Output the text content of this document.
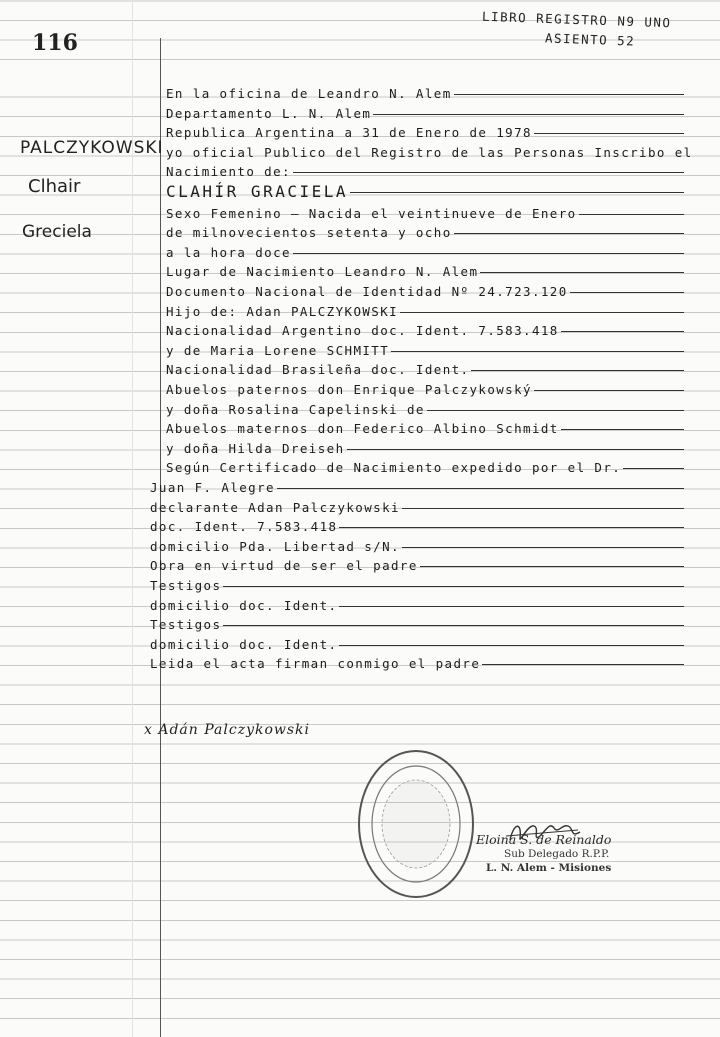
116
LIBRO REGISTRO N9 UNO
ASIENTO 52
PALCZYKOWSKI
Clhair
Greciela
En la oficina de Leandro N. Alem
Departamento L. N. Alem
Republica Argentina a 31 de Enero de 1978
yo oficial Publico del Registro de las Personas Inscribo el
Nacimiento de:
CLAHÍR GRACIELA
Sexo Femenino — Nacida el veintinueve de Enero
de milnovecientos setenta y ocho
a la hora doce
Lugar de Nacimiento Leandro N. Alem
Documento Nacional de Identidad Nº 24.723.120
Hijo de: Adan PALCZYKOWSKI
Nacionalidad Argentino doc. Ident. 7.583.418
y de Maria Lorene SCHMITT
Nacionalidad Brasileña doc. Ident.
Abuelos paternos don Enrique Palczykowský
y doña Rosalina Capelinski de
Abuelos maternos don Federico Albino Schmidt
y doña Hilda Dreiseh
Según Certificado de Nacimiento expedido por el Dr.
Juan F. Alegre
declarante Adan Palczykowski
doc. Ident. 7.583.418
domicilio Pda. Libertad s/N.
Obra en virtud de ser el padre
Testigos
domicilio doc. Ident.
Testigos
domicilio doc. Ident.
Leida el acta firman conmigo el padre
x Adán Palczykowski
Eloina S. de Reinaldo
Sub Delegado R.P.P.
L. N. Alem - Misiones
